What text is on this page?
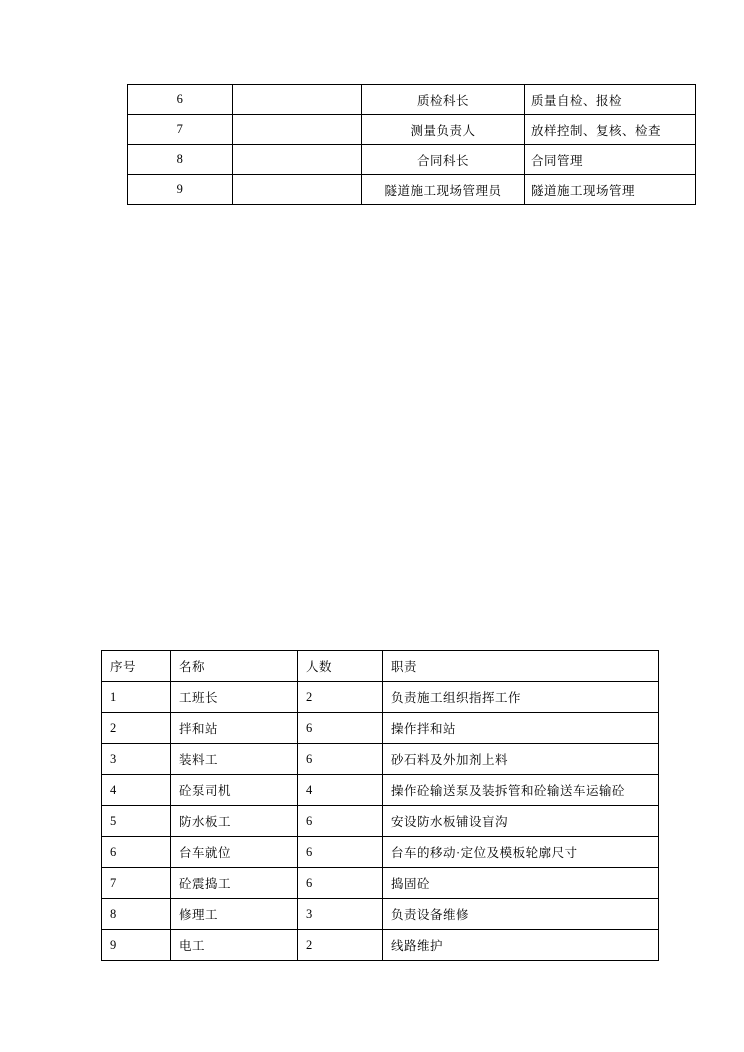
6		质检科长	质量自检、报检
7		测量负责人	放样控制、复核、检查
8		合同科长	合同管理
9		隧道施工现场管理员	隧道施工现场管理
序号	名称	人数	职责
1	工班长	2	负责施工组织指挥工作
2	拌和站	6	操作拌和站
3	装料工	6	砂石料及外加剂上料
4	砼泵司机	4	操作砼输送泵及装拆管和砼输送车运输砼
5	防水板工	6	安设防水板铺设盲沟
6	台车就位	6	台车的移动·定位及模板轮廓尺寸
7	砼震捣工	6	捣固砼
8	修理工	3	负责设备维修
9	电工	2	线路维护
